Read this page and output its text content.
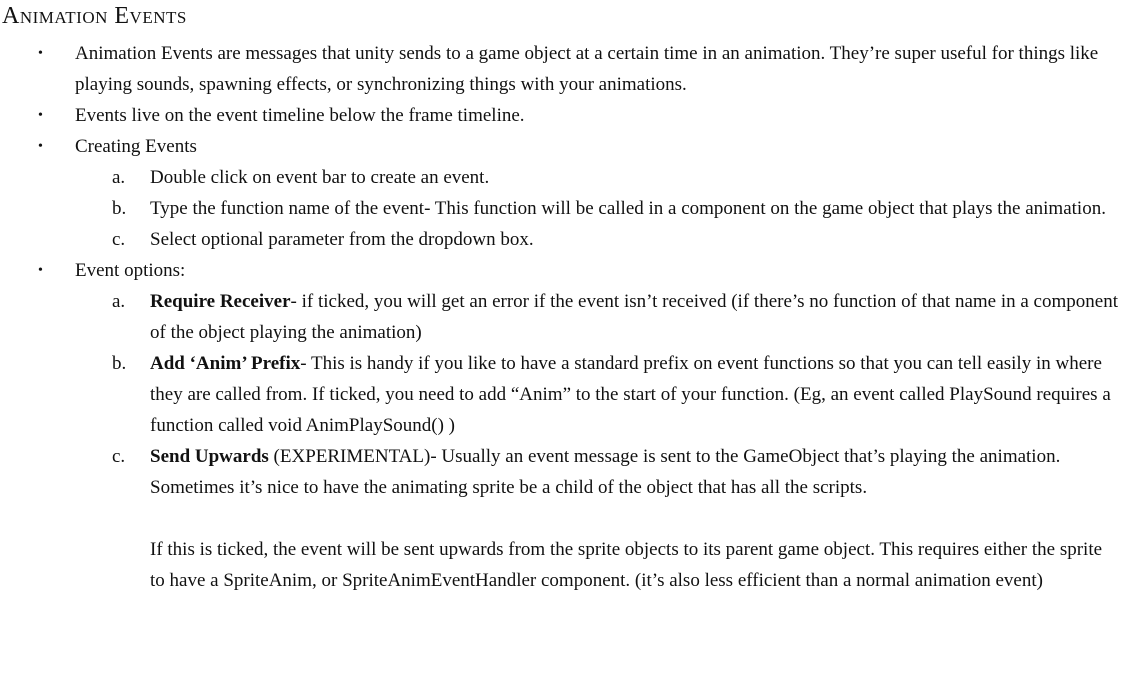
Animation Events
• Animation Events are messages that unity sends to a game object at a certain time in an animation. They’re super useful for things like playing sounds, spawning effects, or synchronizing things with your animations.
• Events live on the event timeline below the frame timeline.
• Creating Events
a. Double click on event bar to create an event.
b. Type the function name of the event- This function will be called in a component on the game object that plays the animation.
c. Select optional parameter from the dropdown box.
• Event options:
a. Require Receiver- if ticked, you will get an error if the event isn’t received (if there’s no function of that name in a component of the object playing the animation)
b. Add ‘Anim’ Prefix- This is handy if you like to have a standard prefix on event functions so that you can tell easily in where they are called from. If ticked, you need to add “Anim” to the start of your function. (Eg, an event called PlaySound requires a function called void AnimPlaySound() )
c. Send Upwards (EXPERIMENTAL)- Usually an event message is sent to the GameObject that’s playing the animation. Sometimes it’s nice to have the animating sprite be a child of the object that has all the scripts.
If this is ticked, the event will be sent upwards from the sprite objects to its parent game object. This requires either the sprite to have a SpriteAnim, or SpriteAnimEventHandler component. (it’s also less efficient than a normal animation event)
